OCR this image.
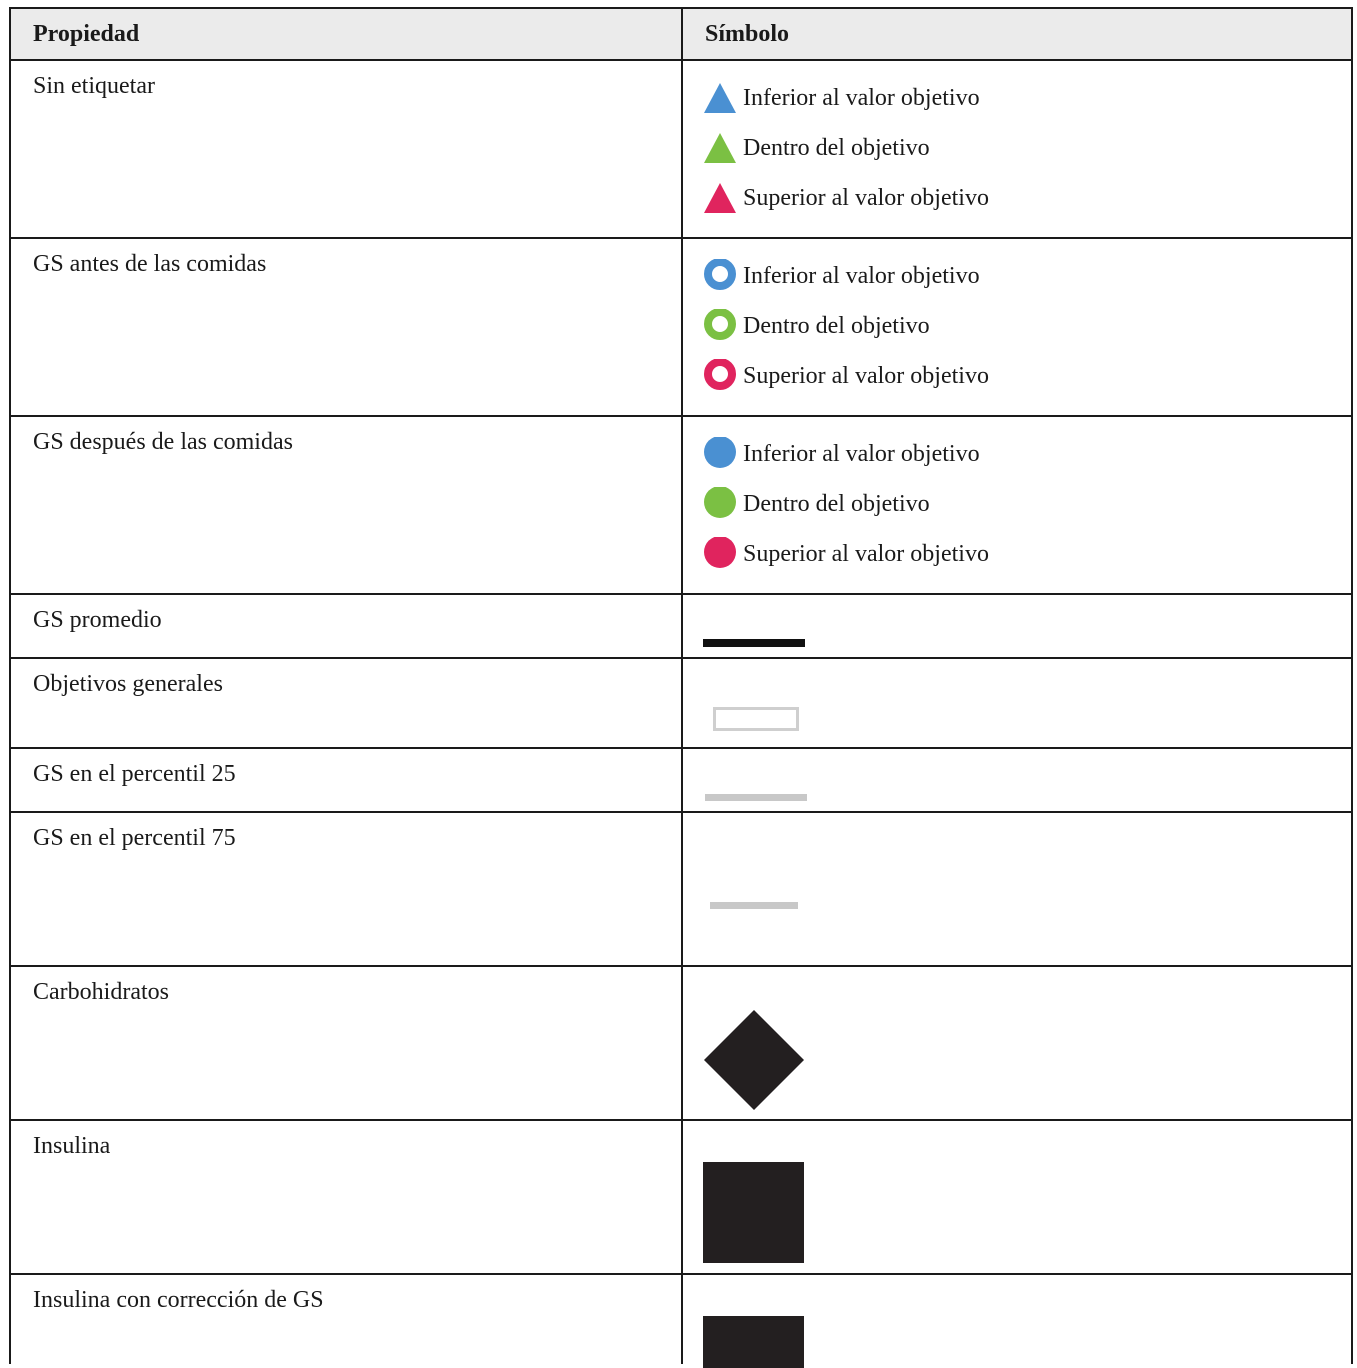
Propiedad	Símbolo
Sin etiquetar	Inferior al valor objetivo
Dentro del objetivo
Superior al valor objetivo

GS antes de las comidas	Inferior al valor objetivo
Dentro del objetivo
Superior al valor objetivo

GS después de las comidas	Inferior al valor objetivo
Dentro del objetivo
Superior al valor objetivo

GS promedio	

Objetivos generales	

GS en el percentil 25	

GS en el percentil 75	

Carbohidratos	

Insulina	

Insulina con corrección de GS	
